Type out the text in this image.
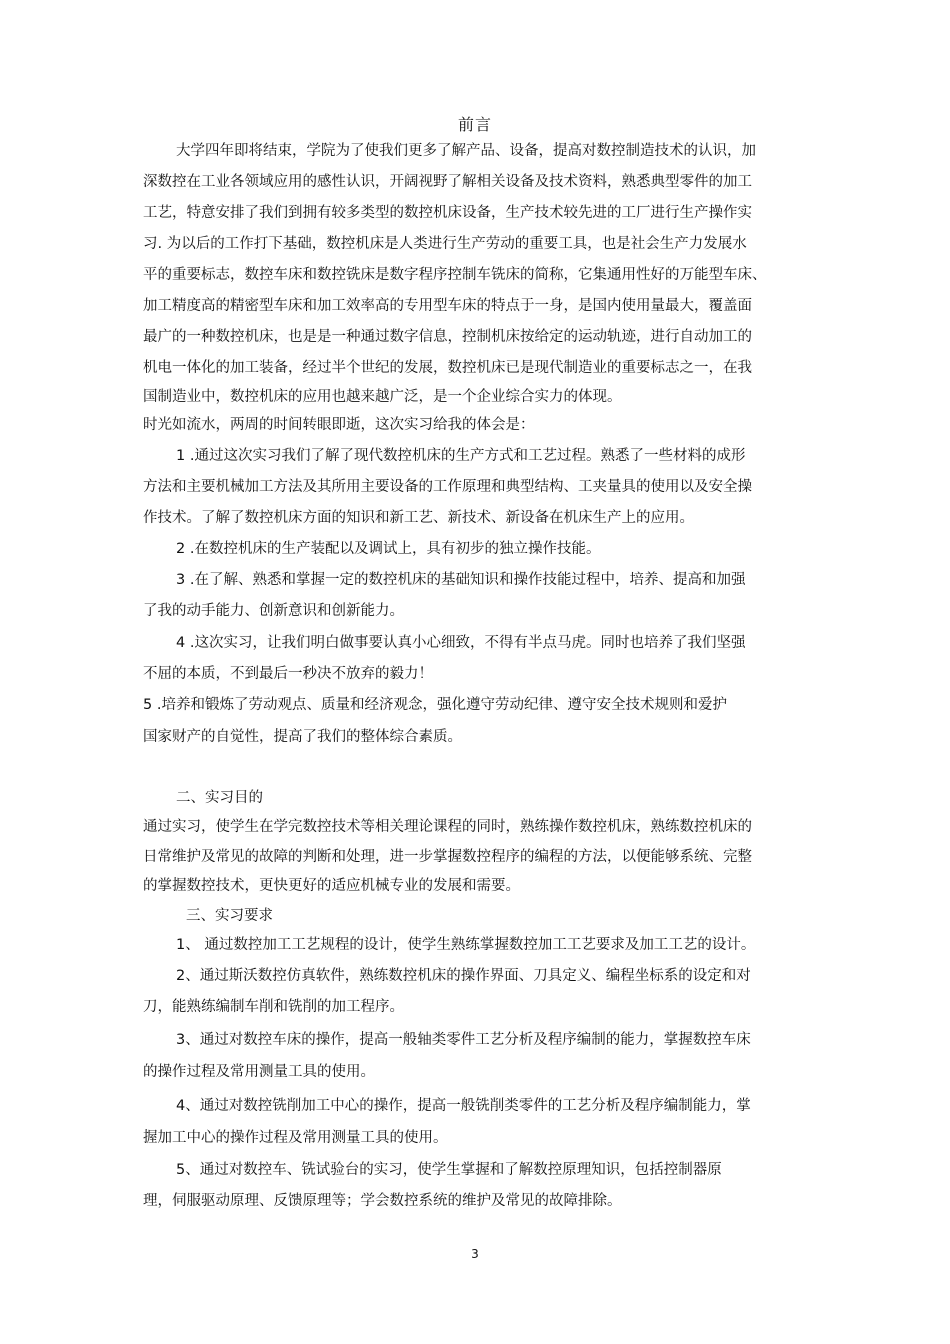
前言
大学四年即将结束，学院为了使我们更多了解产品、设备，提高对数控制造技术的认识，加
深数控在工业各领域应用的感性认识，开阔视野了解相关设备及技术资料，熟悉典型零件的加工
工艺，特意安排了我们到拥有较多类型的数控机床设备，生产技术较先进的工厂进行生产操作实
习. 为以后的工作打下基础，数控机床是人类进行生产劳动的重要工具，也是社会生产力发展水
平的重要标志，数控车床和数控铣床是数字程序控制车铣床的简称，它集通用性好的万能型车床、
加工精度高的精密型车床和加工效率高的专用型车床的特点于一身，是国内使用量最大，覆盖面
最广的一种数控机床，也是是一种通过数字信息，控制机床按给定的运动轨迹，进行自动加工的
机电一体化的加工装备，经过半个世纪的发展，数控机床已是现代制造业的重要标志之一，在我
国制造业中，数控机床的应用也越来越广泛，是一个企业综合实力的体现。
时光如流水，两周的时间转眼即逝，这次实习给我的体会是：
1 .通过这次实习我们了解了现代数控机床的生产方式和工艺过程。熟悉了一些材料的成形
方法和主要机械加工方法及其所用主要设备的工作原理和典型结构、工夹量具的使用以及安全操
作技术。了解了数控机床方面的知识和新工艺、新技术、新设备在机床生产上的应用。
2 .在数控机床的生产装配以及调试上，具有初步的独立操作技能。
3 .在了解、熟悉和掌握一定的数控机床的基础知识和操作技能过程中，培养、提高和加强
了我的动手能力、创新意识和创新能力。
4 .这次实习，让我们明白做事要认真小心细致，不得有半点马虎。同时也培养了我们坚强
不屈的本质，不到最后一秒决不放弃的毅力！
5 .培养和锻炼了劳动观点、质量和经济观念，强化遵守劳动纪律、遵守安全技术规则和爱护
国家财产的自觉性，提高了我们的整体综合素质。
二、实习目的
通过实习，使学生在学完数控技术等相关理论课程的同时，熟练操作数控机床，熟练数控机床的
日常维护及常见的故障的判断和处理，进一步掌握数控程序的编程的方法，以便能够系统、完整
的掌握数控技术，更快更好的适应机械专业的发展和需要。
三、实习要求
1、 通过数控加工工艺规程的设计，使学生熟练掌握数控加工工艺要求及加工工艺的设计。
2、通过斯沃数控仿真软件，熟练数控机床的操作界面、刀具定义、编程坐标系的设定和对
刀，能熟练编制车削和铣削的加工程序。
3、通过对数控车床的操作，提高一般轴类零件工艺分析及程序编制的能力，掌握数控车床
的操作过程及常用测量工具的使用。
4、通过对数控铣削加工中心的操作，提高一般铣削类零件的工艺分析及程序编制能力，掌
握加工中心的操作过程及常用测量工具的使用。
5、通过对数控车、铣试验台的实习，使学生掌握和了解数控原理知识，包括控制器原
理，伺服驱动原理、反馈原理等；学会数控系统的维护及常见的故障排除。
3
